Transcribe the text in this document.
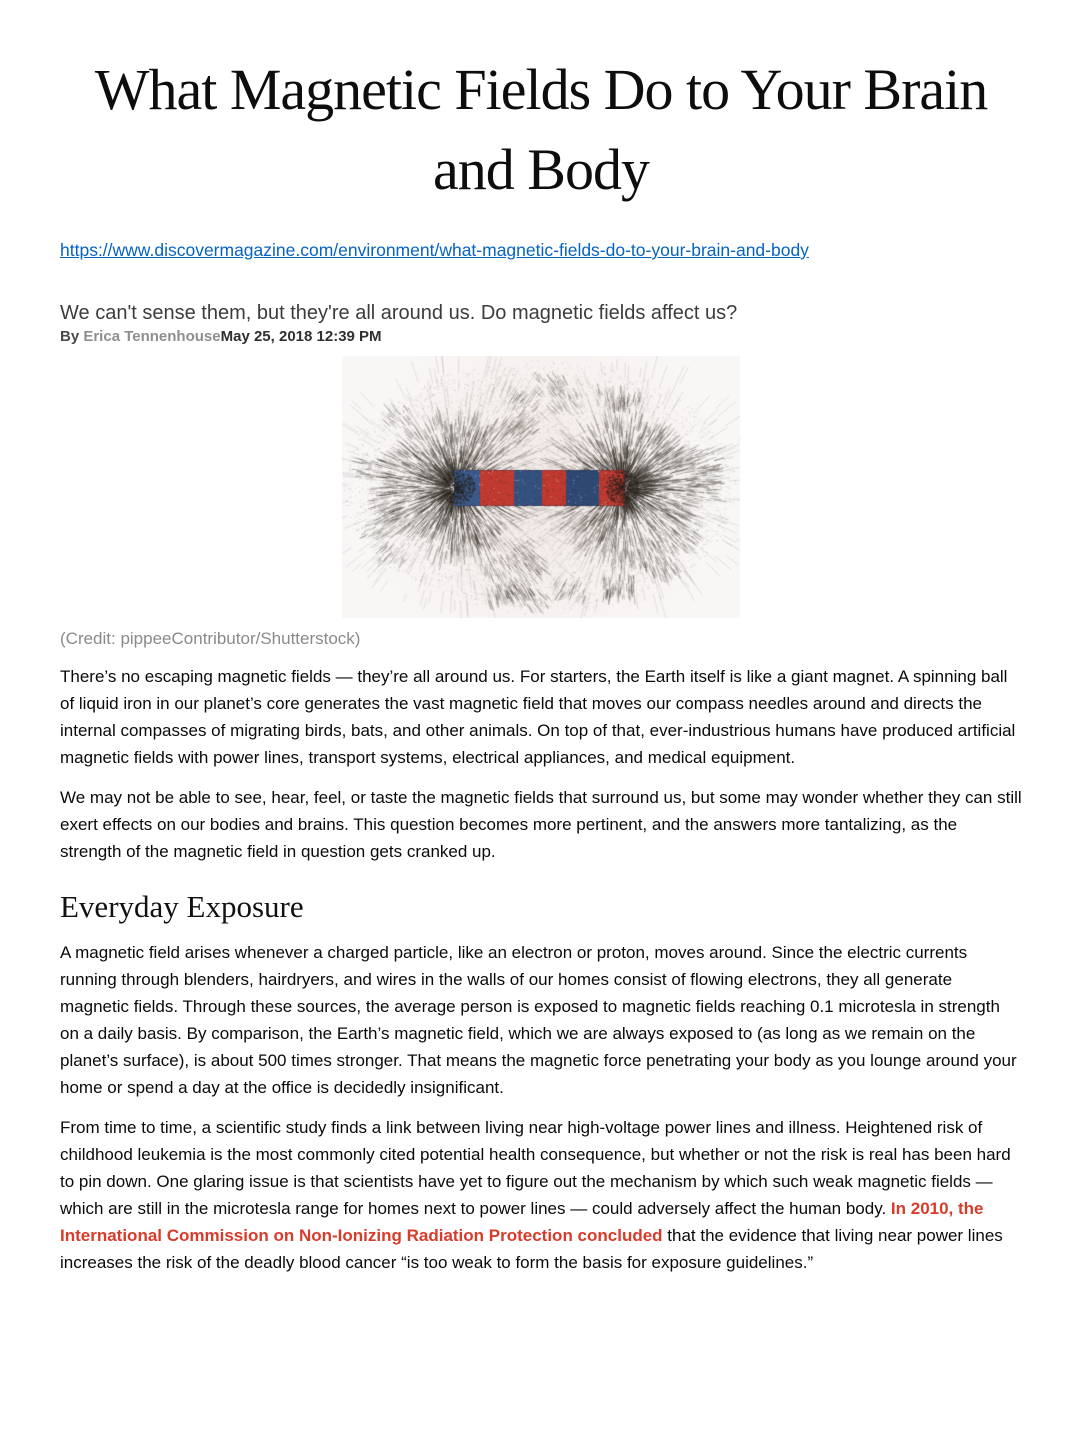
What Magnetic Fields Do to Your Brain and Body
https://www.discovermagazine.com/environment/what-magnetic-fields-do-to-your-brain-and-body

We can't sense them, but they're all around us. Do magnetic fields affect us?

By Erica TennenhouseMay 25, 2018 12:39 PM

(Credit: pippeeContributor/Shutterstock)

There’s no escaping magnetic fields — they’re all around us. For starters, the Earth itself is like a giant magnet. A spinning ball of liquid iron in our planet’s core generates the vast magnetic field that moves our compass needles around and directs the internal compasses of migrating birds, bats, and other animals. On top of that, ever-industrious humans have produced artificial magnetic fields with power lines, transport systems, electrical appliances, and medical equipment.

We may not be able to see, hear, feel, or taste the magnetic fields that surround us, but some may wonder whether they can still exert effects on our bodies and brains. This question becomes more pertinent, and the answers more tantalizing, as the strength of the magnetic field in question gets cranked up.

Everyday Exposure

A magnetic field arises whenever a charged particle, like an electron or proton, moves around. Since the electric currents running through blenders, hairdryers, and wires in the walls of our homes consist of flowing electrons, they all generate magnetic fields. Through these sources, the average person is exposed to magnetic fields reaching 0.1 microtesla in strength on a daily basis. By comparison, the Earth’s magnetic field, which we are always exposed to (as long as we remain on the planet’s surface), is about 500 times stronger. That means the magnetic force penetrating your body as you lounge around your home or spend a day at the office is decidedly insignificant.

From time to time, a scientific study finds a link between living near high-voltage power lines and illness. Heightened risk of childhood leukemia is the most commonly cited potential health consequence, but whether or not the risk is real has been hard to pin down. One glaring issue is that scientists have yet to figure out the mechanism by which such weak magnetic fields — which are still in the microtesla range for homes next to power lines — could adversely affect the human body. In 2010, the International Commission on Non-Ionizing Radiation Protection concluded that the evidence that living near power lines increases the risk of the deadly blood cancer “is too weak to form the basis for exposure guidelines.”
